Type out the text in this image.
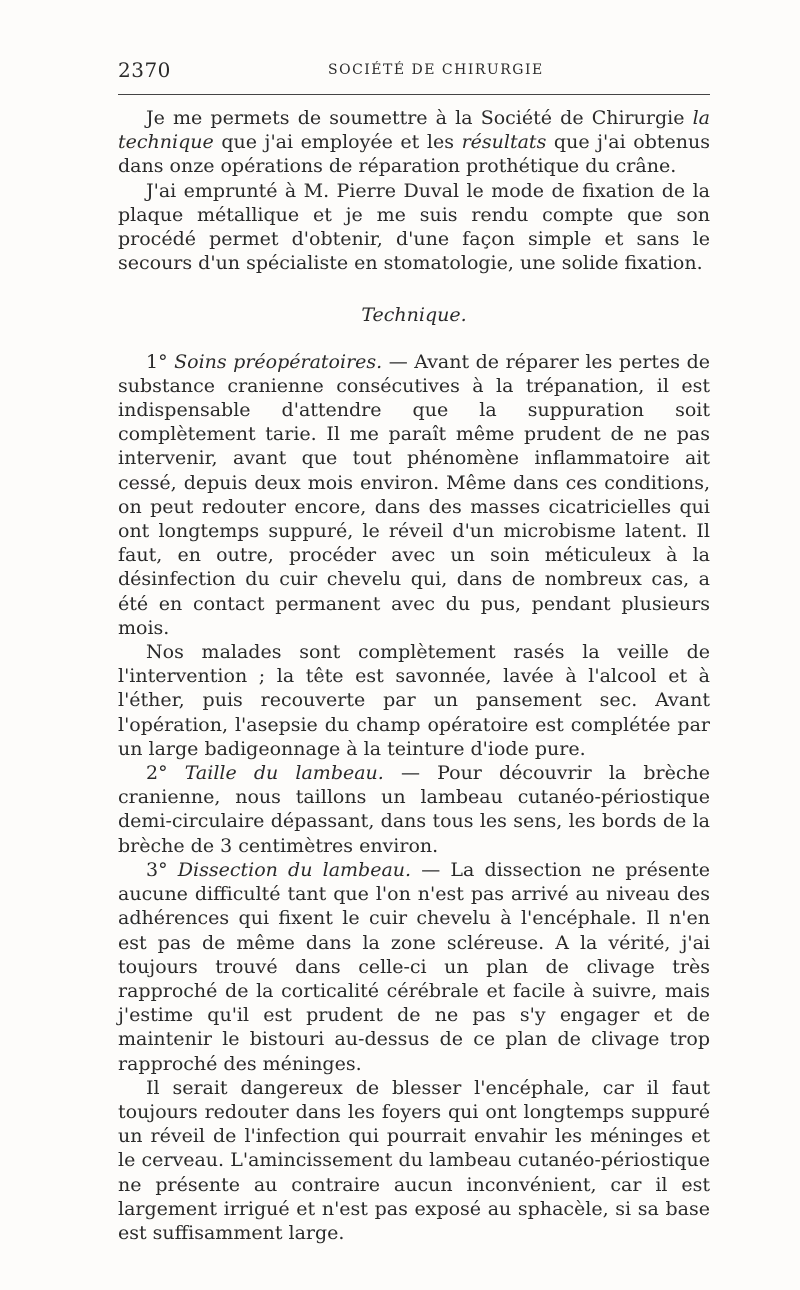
2370	SOCIÉTÉ DE CHIRURGIE

Je me permets de soumettre à la Société de Chirurgie la technique que j'ai employée et les résultats que j'ai obtenus dans onze opérations de réparation prothétique du crâne.

J'ai emprunté à M. Pierre Duval le mode de fixation de la plaque métallique et je me suis rendu compte que son procédé permet d'obtenir, d'une façon simple et sans le secours d'un spécialiste en stomatologie, une solide fixation.

Technique.

1° Soins préopératoires. — Avant de réparer les pertes de substance cranienne consécutives à la trépanation, il est indispensable d'attendre que la suppuration soit complètement tarie. Il me paraît même prudent de ne pas intervenir, avant que tout phénomène inflammatoire ait cessé, depuis deux mois environ. Même dans ces conditions, on peut redouter encore, dans des masses cicatricielles qui ont longtemps suppuré, le réveil d'un microbisme latent. Il faut, en outre, procéder avec un soin méticuleux à la désinfection du cuir chevelu qui, dans de nombreux cas, a été en contact permanent avec du pus, pendant plusieurs mois.

Nos malades sont complètement rasés la veille de l'intervention ; la tête est savonnée, lavée à l'alcool et à l'éther, puis recouverte par un pansement sec. Avant l'opération, l'asepsie du champ opératoire est complétée par un large badigeonnage à la teinture d'iode pure.

2° Taille du lambeau. — Pour découvrir la brèche cranienne, nous taillons un lambeau cutanéo-périostique demi-circulaire dépassant, dans tous les sens, les bords de la brèche de 3 centimètres environ.

3° Dissection du lambeau. — La dissection ne présente aucune difficulté tant que l'on n'est pas arrivé au niveau des adhérences qui fixent le cuir chevelu à l'encéphale. Il n'en est pas de même dans la zone scléreuse. A la vérité, j'ai toujours trouvé dans celle-ci un plan de clivage très rapproché de la corticalité cérébrale et facile à suivre, mais j'estime qu'il est prudent de ne pas s'y engager et de maintenir le bistouri au-dessus de ce plan de clivage trop rapproché des méninges.

Il serait dangereux de blesser l'encéphale, car il faut toujours redouter dans les foyers qui ont longtemps suppuré un réveil de l'infection qui pourrait envahir les méninges et le cerveau. L'amincissement du lambeau cutanéo-périostique ne présente au contraire aucun inconvénient, car il est largement irrigué et n'est pas exposé au sphacèle, si sa base est suffisamment large.
